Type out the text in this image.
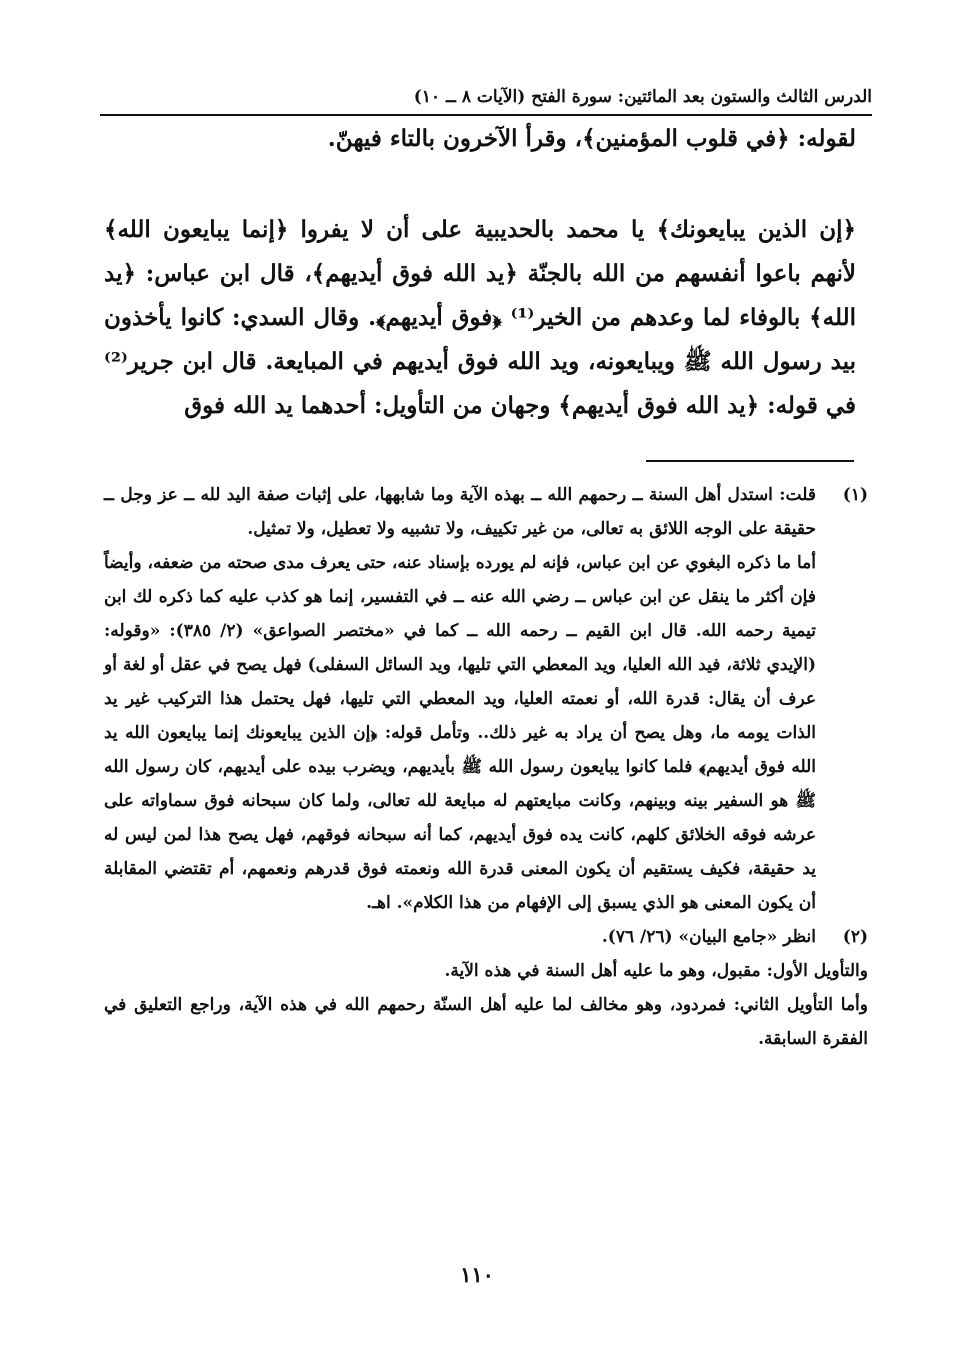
الدرس الثالث والستون بعد المائتين: سورة الفتح (الآيات ٨ ــ ١٠)
لقوله: ﴿في قلوب المؤمنين﴾، وقرأ الآخرون بالتاء فيهنّ.
﴿إن الذين يبايعونك﴾ يا محمد بالحديبية على أن لا يفروا ﴿إنما يبايعون الله﴾ لأنهم باعوا أنفسهم من الله بالجنّة ﴿يد الله فوق أيديهم﴾، قال ابن عباس: ﴿يد الله﴾ بالوفاء لما وعدهم من الخير⁽¹⁾ ﴿فوق أيديهم﴾. وقال السدي: كانوا يأخذون بيد رسول الله ﷺ ويبايعونه، ويد الله فوق أيديهم في المبايعة. قال ابن جرير⁽²⁾ في قوله: ﴿يد الله فوق أيديهم﴾ وجهان من التأويل: أحدهما يد الله فوق
(١)

قلت: استدل أهل السنة ــ رحمهم الله ــ بهذه الآية وما شابهها، على إثبات صفة اليد لله ــ عز وجل ــ حقيقة على الوجه اللائق به تعالى، من غير تكييف، ولا تشبيه ولا تعطيل، ولا تمثيل.

أما ما ذكره البغوي عن ابن عباس، فإنه لم يورده بإسناد عنه، حتى يعرف مدى صحته من ضعفه، وأيضاً فإن أكثر ما ينقل عن ابن عباس ــ رضي الله عنه ــ في التفسير، إنما هو كذب عليه كما ذكره لك ابن تيمية رحمه الله. قال ابن القيم ــ رحمه الله ــ كما في «مختصر الصواعق» (٢/ ٣٨٥): «وقوله: (الإيدي ثلاثة، فيد الله العليا، ويد المعطي التي تليها، ويد السائل السفلى) فهل يصح في عقل أو لغة أو عرف أن يقال: قدرة الله، أو نعمته العليا، ويد المعطي التي تليها، فهل يحتمل هذا التركيب غير يد الذات يومه ما، وهل يصح أن يراد به غير ذلك.. وتأمل قوله: ﴿إن الذين يبايعونك إنما يبايعون الله يد الله فوق أيديهم﴾ فلما كانوا يبايعون رسول الله ﷺ بأيديهم، ويضرب بيده على أيديهم، كان رسول الله ﷺ هو السفير بينه وبينهم، وكانت مبايعتهم له مبايعة لله تعالى، ولما كان سبحانه فوق سماواته على عرشه فوقه الخلائق كلهم، كانت يده فوق أيديهم، كما أنه سبحانه فوقهم، فهل يصح هذا لمن ليس له يد حقيقة، فكيف يستقيم أن يكون المعنى قدرة الله ونعمته فوق قدرهم ونعمهم، أم تقتضي المقابلة أن يكون المعنى هو الذي يسبق إلى الإفهام من هذا الكلام». اهـ.

(٢)

انظر «جامع البيان» (٢٦/ ٧٦).

والتأويل الأول: مقبول، وهو ما عليه أهل السنة في هذه الآية.

وأما التأويل الثاني: فمردود، وهو مخالف لما عليه أهل السنّة رحمهم الله في هذه الآية، وراجع التعليق في الفقرة السابقة.

١١٠
